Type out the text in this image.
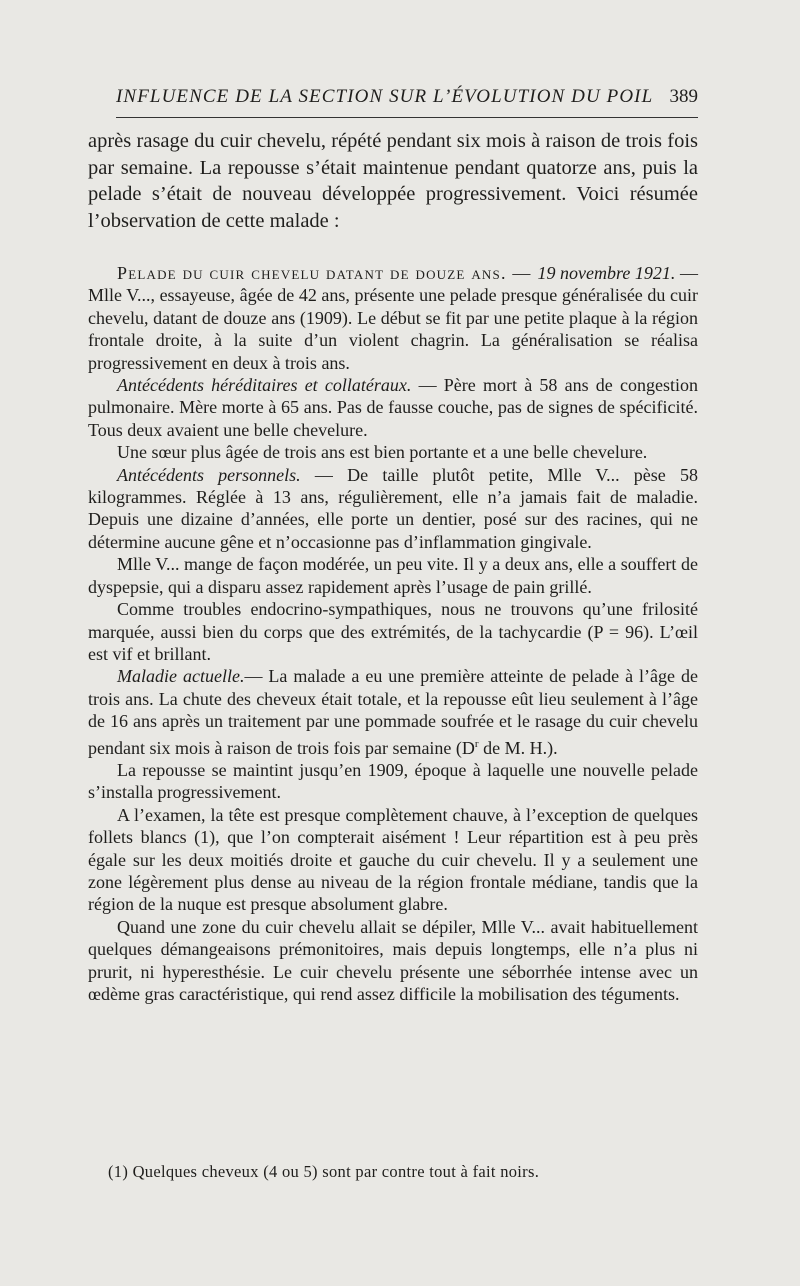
INFLUENCE DE LA SECTION SUR L’ÉVOLUTION DU POIL 389

après rasage du cuir chevelu, répété pendant six mois à raison de trois fois par semaine. La repousse s’était maintenue pendant quatorze ans, puis la pelade s’était de nouveau développée progressivement. Voici résumée l’observation de cette malade :

Pelade du cuir chevelu datant de douze ans. — 19 novembre 1921. — Mlle V..., essayeuse, âgée de 42 ans, présente une pelade presque généralisée du cuir chevelu, datant de douze ans (1909). Le début se fit par une petite plaque à la région frontale droite, à la suite d’un violent chagrin. La généralisation se réalisa progressivement en deux à trois ans.

Antécédents héréditaires et collatéraux. — Père mort à 58 ans de congestion pulmonaire. Mère morte à 65 ans. Pas de fausse couche, pas de signes de spécificité. Tous deux avaient une belle chevelure.

Une sœur plus âgée de trois ans est bien portante et a une belle chevelure.

Antécédents personnels. — De taille plutôt petite, Mlle V... pèse 58 kilogrammes. Réglée à 13 ans, régulièrement, elle n’a jamais fait de maladie. Depuis une dizaine d’années, elle porte un dentier, posé sur des racines, qui ne détermine aucune gêne et n’occasionne pas d’inflammation gingivale.

Mlle V... mange de façon modérée, un peu vite. Il y a deux ans, elle a souffert de dyspepsie, qui a disparu assez rapidement après l’usage de pain grillé.

Comme troubles endocrino-sympathiques, nous ne trouvons qu’une frilosité marquée, aussi bien du corps que des extrémités, de la tachycardie (P = 96). L’œil est vif et brillant.

Maladie actuelle.— La malade a eu une première atteinte de pelade à l’âge de trois ans. La chute des cheveux était totale, et la repousse eût lieu seulement à l’âge de 16 ans après un traitement par une pommade soufrée et le rasage du cuir chevelu pendant six mois à raison de trois fois par semaine ($D^r$ de M. H.).

La repousse se maintint jusqu’en 1909, époque à laquelle une nouvelle pelade s’installa progressivement.

A l’examen, la tête est presque complètement chauve, à l’exception de quelques follets blancs (1), que l’on compterait aisément ! Leur répartition est à peu près égale sur les deux moitiés droite et gauche du cuir chevelu. Il y a seulement une zone légèrement plus dense au niveau de la région frontale médiane, tandis que la région de la nuque est presque absolument glabre.

Quand une zone du cuir chevelu allait se dépiler, Mlle V... avait habituellement quelques démangeaisons prémonitoires, mais depuis longtemps, elle n’a plus ni prurit, ni hyperesthésie. Le cuir chevelu présente une séborrhée intense avec un œdème gras caractéristique, qui rend assez difficile la mobilisation des téguments.

(1) Quelques cheveux (4 ou 5) sont par contre tout à fait noirs.
